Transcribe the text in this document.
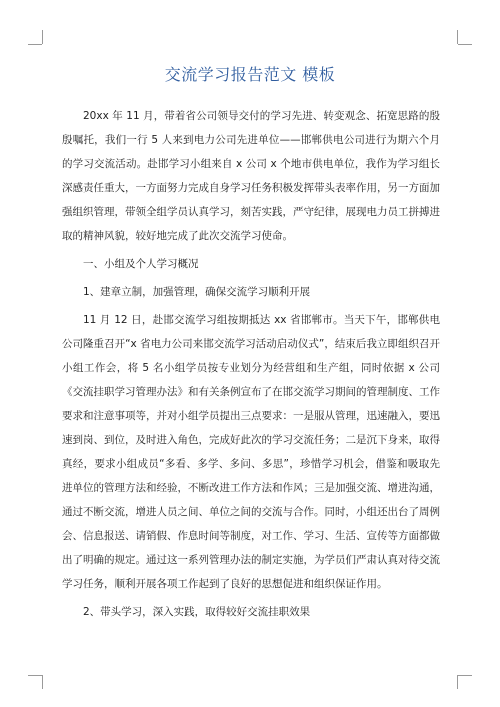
交流学习报告范文 模板

20xx 年 11 月，带着省公司领导交付的学习先进、转变观念、拓宽思路的殷殷嘱托，我们一行 5 人来到电力公司先进单位——邯郸供电公司进行为期六个月的学习交流活动。赴邯学习小组来自 x 公司 x 个地市供电单位，我作为学习组长深感责任重大，一方面努力完成自身学习任务积极发挥带头表率作用，另一方面加强组织管理，带领全组学员认真学习，刻苦实践，严守纪律，展现电力员工拼搏进取的精神风貌，较好地完成了此次交流学习使命。

一、小组及个人学习概况

1、建章立制，加强管理，确保交流学习顺利开展

11 月 12 日，赴邯交流学习组按期抵达 xx 省邯郸市。当天下午，邯郸供电公司隆重召开“x 省电力公司来邯交流学习活动启动仪式”，结束后我立即组织召开小组工作会，将 5 名小组学员按专业划分为经营组和生产组，同时依据 x 公司《交流挂职学习管理办法》和有关条例宣布了在邯交流学习期间的管理制度、工作要求和注意事项等，并对小组学员提出三点要求：一是服从管理，迅速融入，要迅速到岗、到位，及时进入角色，完成好此次的学习交流任务；二是沉下身来，取得真经，要求小组成员“多看、多学、多问、多思”，珍惜学习机会，借鉴和吸取先进单位的管理方法和经验，不断改进工作方法和作风；三是加强交流、增进沟通，通过不断交流，增进人员之间、单位之间的交流与合作。同时，小组还出台了周例会、信息报送、请销假、作息时间等制度，对工作、学习、生活、宣传等方面都做出了明确的规定。通过这一系列管理办法的制定实施，为学员们严肃认真对待交流学习任务，顺利开展各项工作起到了良好的思想促进和组织保证作用。

2、带头学习，深入实践，取得较好交流挂职效果
